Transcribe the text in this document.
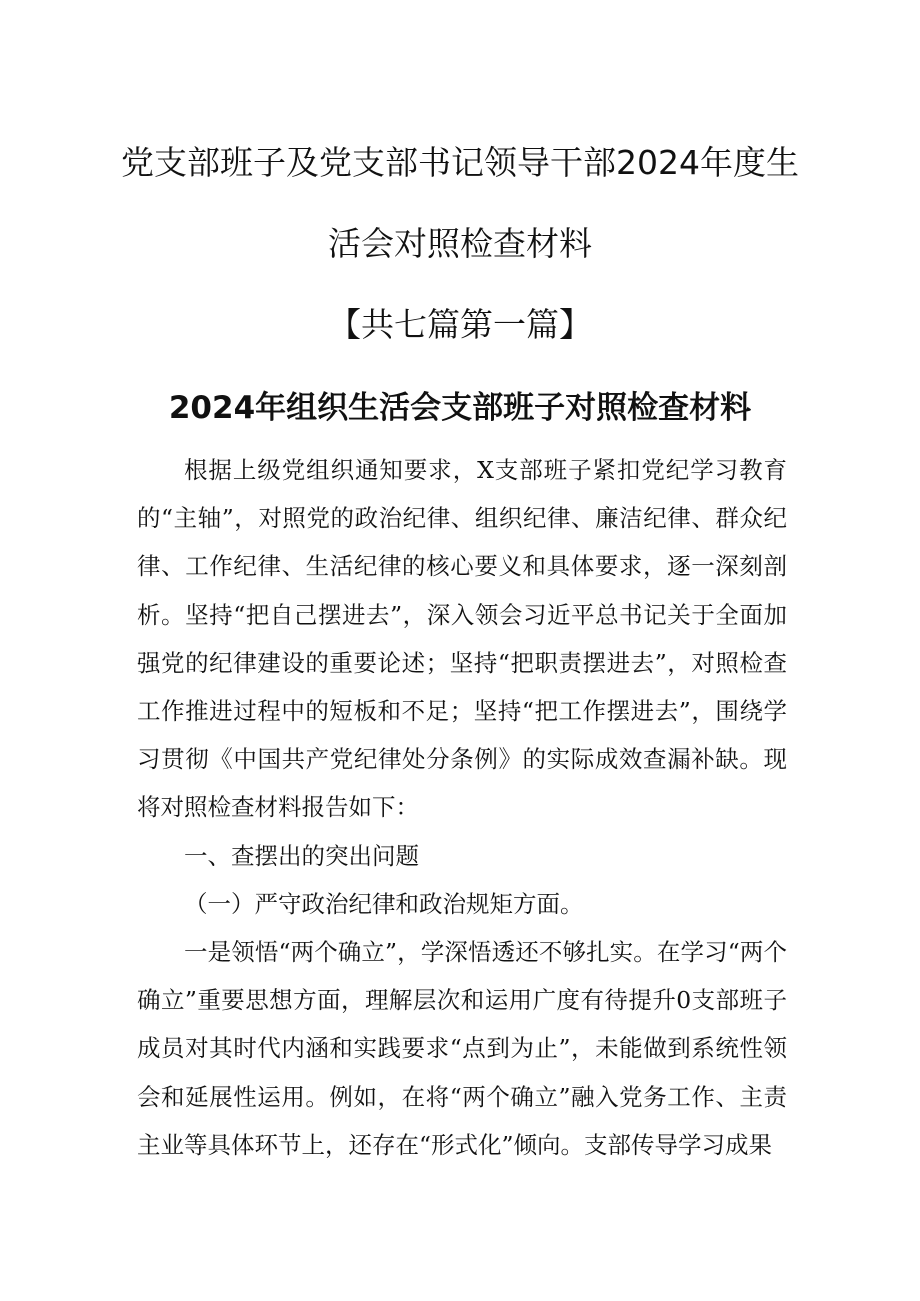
党支部班子及党支部书记领导干部2024年度生
活会对照检查材料
【共七篇第一篇】
2024年组织生活会支部班子对照检查材料

根据上级党组织通知要求，X支部班子紧扣党纪学习教育的“主轴”，对照党的政治纪律、组织纪律、廉洁纪律、群众纪律、工作纪律、生活纪律的核心要义和具体要求，逐一深刻剖析。坚持“把自己摆进去”，深入领会习近平总书记关于全面加强党的纪律建设的重要论述；坚持“把职责摆进去”，对照检查工作推进过程中的短板和不足；坚持“把工作摆进去”，围绕学习贯彻《中国共产党纪律处分条例》的实际成效查漏补缺。现将对照检查材料报告如下：

一、查摆出的突出问题

（一）严守政治纪律和政治规矩方面。

一是领悟“两个确立”，学深悟透还不够扎实。在学习“两个确立”重要思想方面，理解层次和运用广度有待提升0支部班子成员对其时代内涵和实践要求“点到为止”，未能做到系统性领会和延展性运用。例如，在将“两个确立”融入党务工作、主责主业等具体环节上，还存在“形式化”倾向。支部传导学习成果
